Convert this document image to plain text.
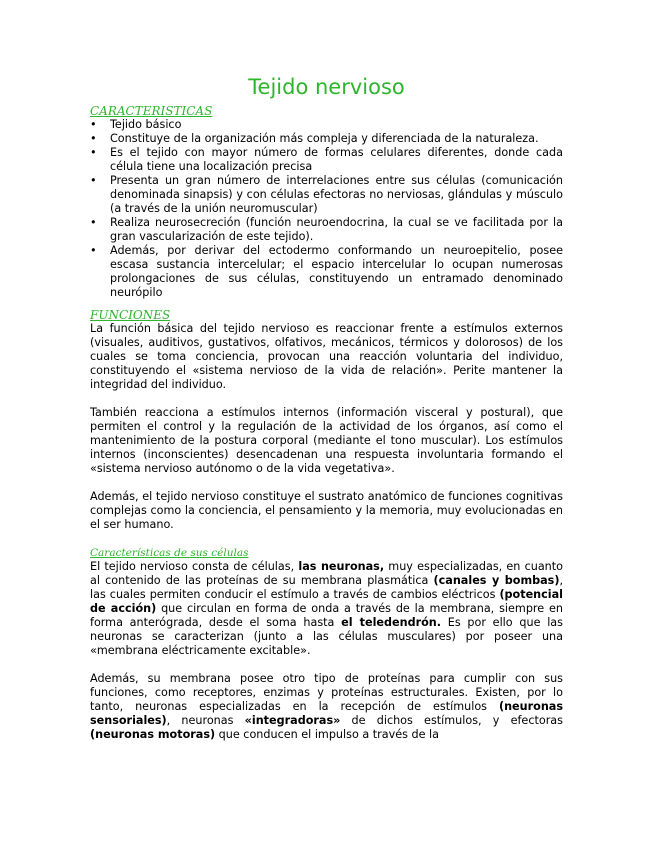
Tejido nervioso
CARACTERISTICAS
• Tejido básico
• Constituye de la organización más compleja y diferenciada de la naturaleza.
• Es el tejido con mayor número de formas celulares diferentes, donde cada célula tiene una localización precisa
• Presenta un gran número de interrelaciones entre sus células (comunicación denominada sinapsis) y con células efectoras no nerviosas, glándulas y músculo (a través de la unión neuromuscular)
• Realiza neurosecreción (función neuroendocrina, la cual se ve facilitada por la gran vascularización de este tejido).
• Además, por derivar del ectodermo conformando un neuroepitelio, posee escasa sustancia intercelular; el espacio intercelular lo ocupan numerosas prolongaciones de sus células, constituyendo un entramado denominado neurópilo
FUNCIONES

La función básica del tejido nervioso es reaccionar frente a estímulos externos (visuales, auditivos, gustativos, olfativos, mecánicos, térmicos y dolorosos) de los cuales se toma conciencia, provocan una reacción voluntaria del individuo, constituyendo el «sistema nervioso de la vida de relación». Perite mantener la integridad del individuo.

También reacciona a estímulos internos (información visceral y postural), que permiten el control y la regulación de la actividad de los órganos, así como el mantenimiento de la postura corporal (mediante el tono muscular). Los estímulos internos (inconscientes) desencadenan una respuesta involuntaria formando el «sistema nervioso autónomo o de la vida vegetativa».

Además, el tejido nervioso constituye el sustrato anatómico de funciones cognitivas complejas como la conciencia, el pensamiento y la memoria, muy evolucionadas en el ser humano.

Características de sus células

El tejido nervioso consta de células, las neuronas, muy especializadas, en cuanto al contenido de las proteínas de su membrana plasmática (canales y bombas), las cuales permiten conducir el estímulo a través de cambios eléctricos (potencial de acción) que circulan en forma de onda a través de la membrana, siempre en forma anterógrada, desde el soma hasta el teledendrón. Es por ello que las neuronas se caracterizan (junto a las células musculares) por poseer una «membrana eléctricamente excitable».

Además, su membrana posee otro tipo de proteínas para cumplir con sus funciones, como receptores, enzimas y proteínas estructurales. Existen, por lo tanto, neuronas especializadas en la recepción de estímulos (neuronas sensoriales), neuronas «integradoras» de dichos estímulos, y efectoras (neuronas motoras) que conducen el impulso a través de la
